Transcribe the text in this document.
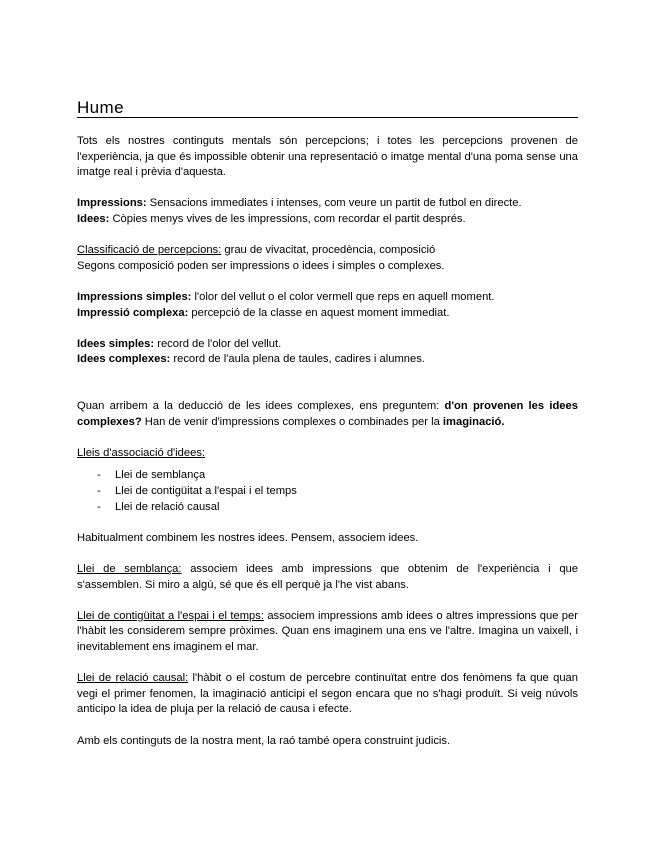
Hume

Tots els nostres continguts mentals són percepcions; i totes les percepcions provenen de l'experiència, ja que és impossible obtenir una representació o imatge mental d'una poma sense una imatge real i prèvia d'aquesta.

Impressions: Sensacions immediates i intenses, com veure un partit de futbol en directe.

Idees: Còpies menys vives de les impressions, com recordar el partit després.

Classificació de percepcions: grau de vivacitat, procedència, composició

Segons composició poden ser impressions o idees i simples o complexes.

Impressions simples: l'olor del vellut o el color vermell que reps en aquell moment.

Impressió complexa: percepció de la classe en aquest moment immediat.

Idees simples: record de l'olor del vellut.

Idees complexes: record de l'aula plena de taules, cadires i alumnes.

Quan arribem a la deducció de les idees complexes, ens preguntem: d'on provenen les idees complexes? Han de venir d'impressions complexes o combinades per la imaginació.

Lleis d'associació d'idees:

- Llei de semblança
- Llei de contigüitat a l'espai i el temps
- Llei de relació causal

Habitualment combinem les nostres idees. Pensem, associem idees.

Llei de semblança: associem idees amb impressions que obtenim de l'experiència i que s'assemblen. Si miro a algú, sé que és ell perquè ja l'he vist abans.

Llei de contigüitat a l'espai i el temps: associem impressions amb idees o altres impressions que per l'hàbit les considerem sempre pròximes. Quan ens imaginem una ens ve l'altre. Imagina un vaixell, i inevitablement ens imaginem el mar.

Llei de relació causal: l'hàbit o el costum de percebre continuïtat entre dos fenòmens fa que quan vegi el primer fenomen, la imaginació anticipi el segon encara que no s'hagi produït. Si veig núvols anticipo la idea de pluja per la relació de causa i efecte.

Amb els continguts de la nostra ment, la raó també opera construint judicis.
